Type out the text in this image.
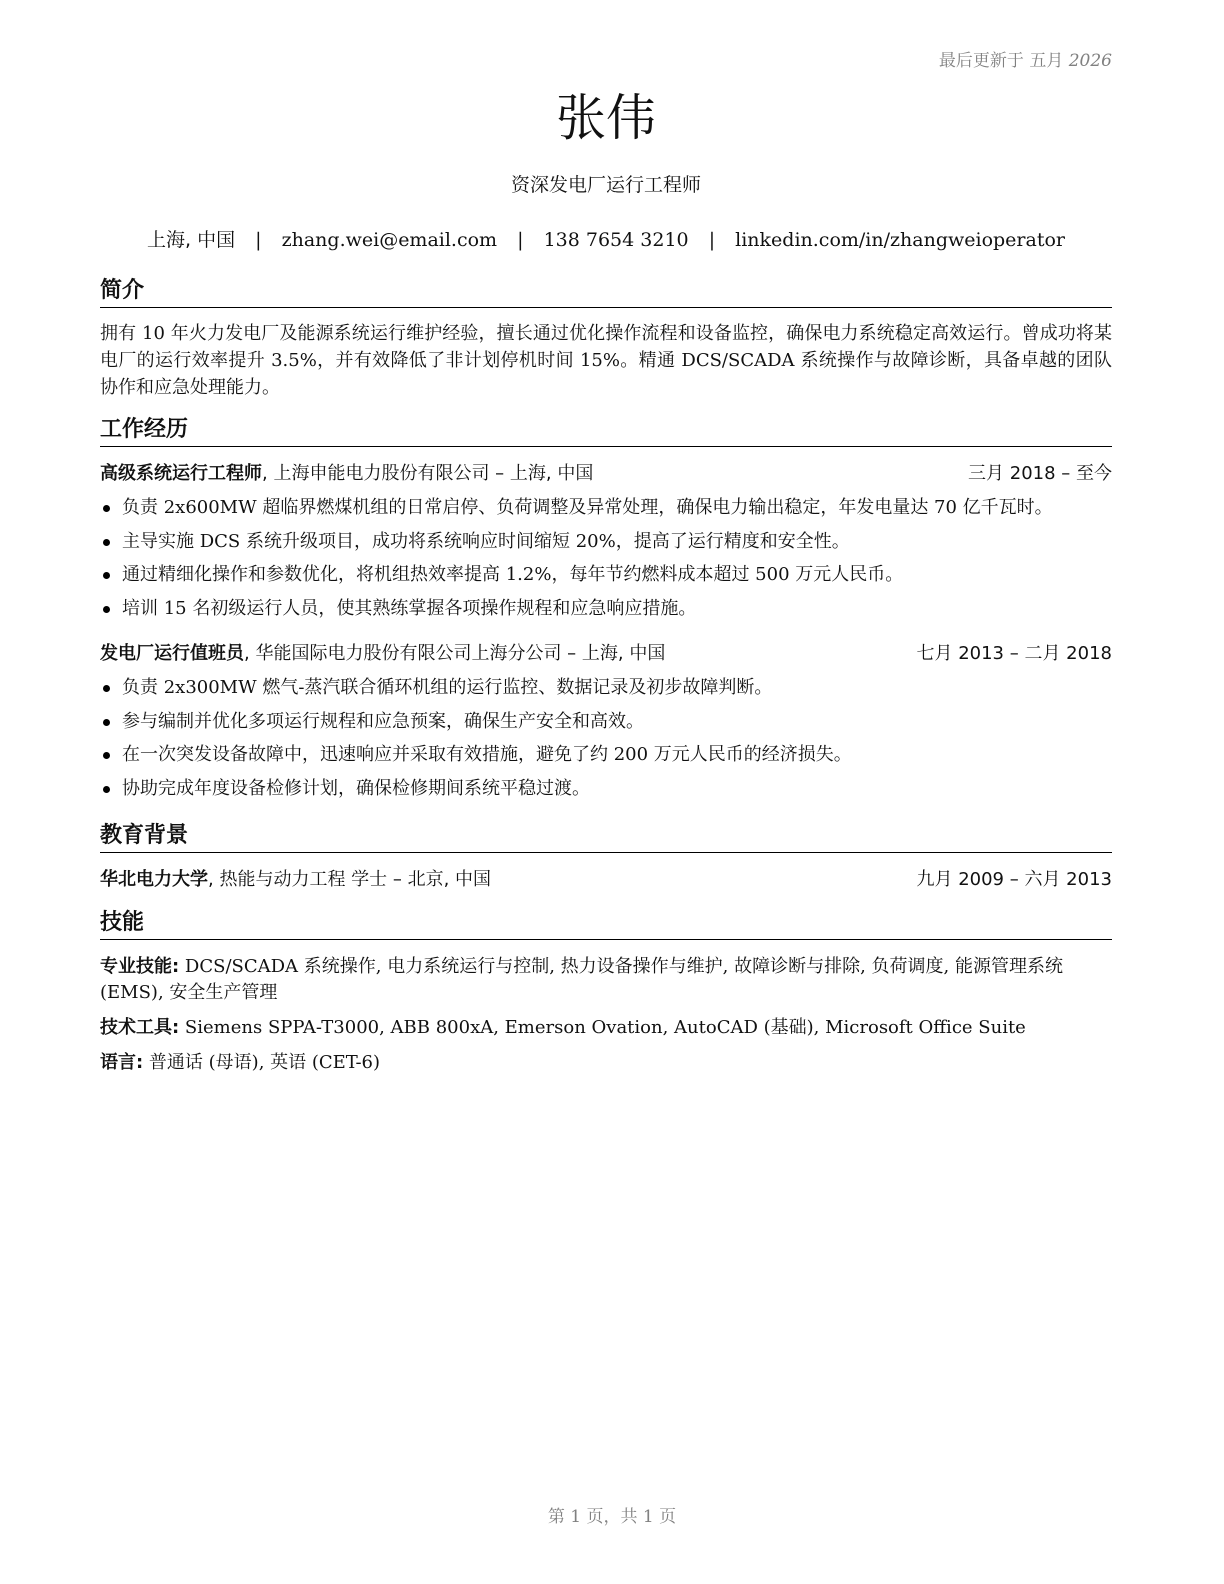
最后更新于 五月 2026
张伟
资深发电厂运行工程师
上海, 中国 | zhang.wei@email.com | 138 7654 3210 | linkedin.com/in/zhangweioperator
简介
拥有 10 年火力发电厂及能源系统运行维护经验，擅长通过优化操作流程和设备监控，确保电力系统稳定高效运行。曾成功将某电厂的运行效率提升 3.5%，并有效降低了非计划停机时间 15%。精通 DCS/SCADA 系统操作与故障诊断，具备卓越的团队协作和应急处理能力。
工作经历
高级系统运行工程师, 上海申能电力股份有限公司 – 上海, 中国	三月 2018 – 至今
负责 2x600MW 超临界燃煤机组的日常启停、负荷调整及异常处理，确保电力输出稳定，年发电量达 70 亿千瓦时。
主导实施 DCS 系统升级项目，成功将系统响应时间缩短 20%，提高了运行精度和安全性。
通过精细化操作和参数优化，将机组热效率提高 1.2%，每年节约燃料成本超过 500 万元人民币。
培训 15 名初级运行人员，使其熟练掌握各项操作规程和应急响应措施。
发电厂运行值班员, 华能国际电力股份有限公司上海分公司 – 上海, 中国	七月 2013 – 二月 2018
负责 2x300MW 燃气-蒸汽联合循环机组的运行监控、数据记录及初步故障判断。
参与编制并优化多项运行规程和应急预案，确保生产安全和高效。
在一次突发设备故障中，迅速响应并采取有效措施，避免了约 200 万元人民币的经济损失。
协助完成年度设备检修计划，确保检修期间系统平稳过渡。
教育背景
华北电力大学, 热能与动力工程 学士 – 北京, 中国	九月 2009 – 六月 2013
技能
专业技能: DCS/SCADA 系统操作, 电力系统运行与控制, 热力设备操作与维护, 故障诊断与排除, 负荷调度, 能源管理系统 (EMS), 安全生产管理
技术工具: Siemens SPPA-T3000, ABB 800xA, Emerson Ovation, AutoCAD (基础), Microsoft Office Suite
语言: 普通话 (母语), 英语 (CET-6)
第 1 页，共 1 页
